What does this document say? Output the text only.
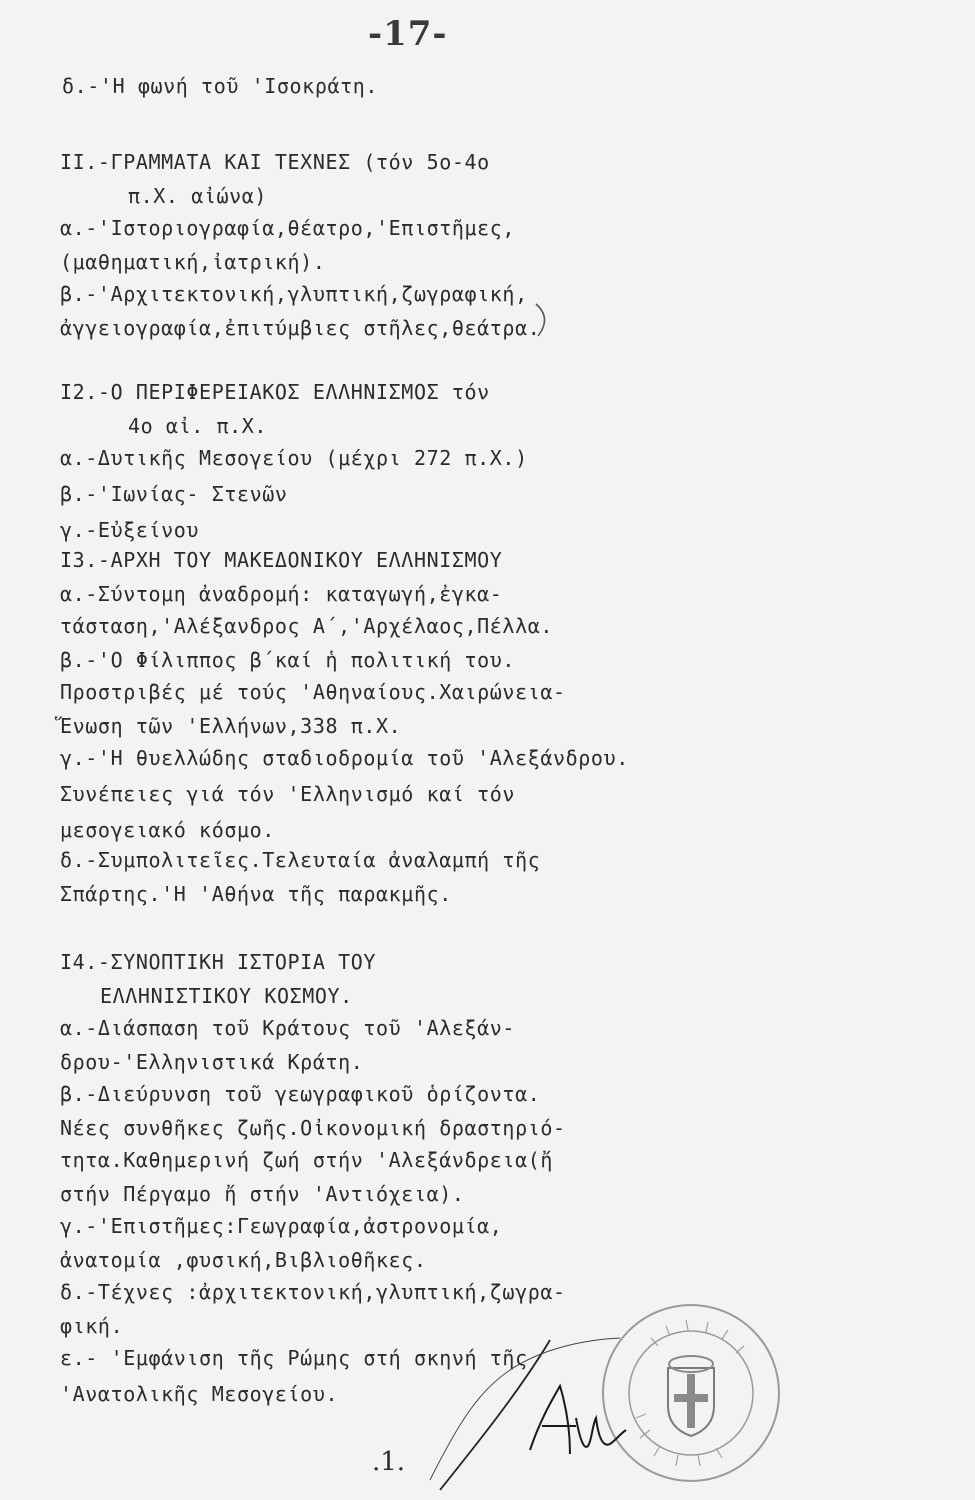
-17-
δ.-'Η φωνή τοῦ 'Ισοκράτη.
II.-ΓΡΑΜΜΑΤΑ ΚΑΙ ΤΕΧΝΕΣ (τόν 5ο-4ο
π.Χ. αἰώνα)
α.-'Ιστοριογραφία,θέατρο,'Επιστῆμες,
(μαθηματική,ἰατρική).
β.-'Αρχιτεκτονική,γλυπτική,ζωγραφική,
ἀγγειογραφία,ἐπιτύμβιες στῆλες,θεάτρα.
I2.-Ο ΠΕΡΙΦΕΡΕΙΑΚΟΣ ΕΛΛΗΝΙΣΜΟΣ τόν
4ο αἰ. π.Χ.
α.-Δυτικῆς Μεσογείου (μέχρι 272 π.Χ.)
β.-'Ιωνίας- Στενῶν
γ.-Εὐξείνου
I3.-ΑΡΧΗ ΤΟΥ ΜΑΚΕΔΟΝΙΚΟΥ ΕΛΛΗΝΙΣΜΟΥ
α.-Σύντομη ἀναδρομή: καταγωγή,ἐγκα-
τάσταση,'Αλέξανδρος Α΄,'Αρχέλαος,Πέλλα.
β.-'Ο Φίλιππος β΄καί ἡ πολιτική του.
Προστριβές μέ τούς 'Αθηναίους.Χαιρώνεια-
Ἕνωση τῶν 'Ελλήνων,338 π.Χ.
γ.-'Η θυελλώδης σταδιοδρομία τοῦ 'Αλεξάνδρου.
Συνέπειες γιά τόν 'Ελληνισμό καί τόν
μεσογειακό κόσμο.
δ.-Συμπολιτεῖες.Τελευταία ἀναλαμπή τῆς
Σπάρτης.'Η 'Αθήνα τῆς παρακμῆς.
I4.-ΣΥΝΟΠΤΙΚΗ ΙΣΤΟΡΙΑ ΤΟΥ
ΕΛΛΗΝΙΣΤΙΚΟΥ ΚΟΣΜΟΥ.
α.-Διάσπαση τοῦ Κράτους τοῦ 'Αλεξάν-
δρου-'Ελληνιστικά Κράτη.
β.-Διεύρυνση τοῦ γεωγραφικοῦ ὁρίζοντα.
Νέες συνθῆκες ζωῆς.Οἰκονομική δραστηριό-
τητα.Καθημερινή ζωή στήν 'Αλεξάνδρεια(ἤ
στήν Πέργαμο ἤ στήν 'Αντιόχεια).
γ.-'Επιστῆμες:Γεωγραφία,ἀστρονομία,
ἀνατομία ,φυσική,Βιβλιοθῆκες.
δ.-Τέχνες :ἀρχιτεκτονική,γλυπτική,ζωγρα-
φική.
ε.- 'Εμφάνιση τῆς Ρώμης στή σκηνή τῆς
'Ανατολικῆς Μεσογείου.
.1.
